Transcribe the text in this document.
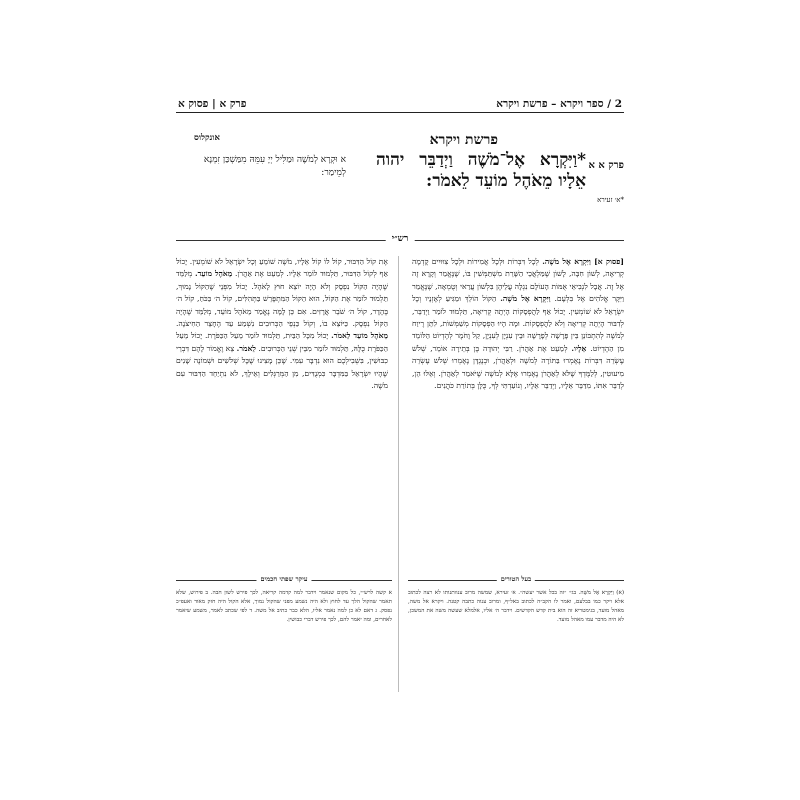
2 / ספר ויקרא – פרשת ויקרא
פרק א | פסוק א
פרשת ויקרא
אונקלוס
פרק א א
*וַיִּקְרָא אֶל־מֹשֶׁה וַיְדַבֵּר יהוה אֵלָיו מֵאֹהֶל מוֹעֵד לֵאמֹר:
*א׳ זעירא
א וּקְרָא לְמֹשֶׁה וּמַלִּיל יְיָ עִמֵּהּ מִמַּשְׁכַּן זִמְנָא לְמֵימַר:
רש״י
[פסוק א] וַיִּקְרָא אֶל מֹשֶׁה. לְכָל דִּבְּרוֹת וּלְכָל אֲמִירוֹת וּלְכָל צִוּוּיִים קָדְמָה קְרִיאָה, לְשׁוֹן חִבָּה, לָשׁוֹן שֶׁמַּלְאֲכֵי הַשָּׁרֵת מִשְׁתַּמְּשִׁין בּוֹ, שֶׁנֶּאֱמַר וְקָרָא זֶה אֶל זֶה. אֲבָל לִנְבִיאֵי אֻמּוֹת הָעוֹלָם נִגְלָה עֲלֵיהֶן בִּלְשׁוֹן עֲרַאי וְטֻמְאָה, שֶׁנֶּאֱמַר וַיִּקָּר אֱלֹהִים אֶל בִּלְעָם. וַיִּקְרָא אֶל מֹשֶׁה. הַקּוֹל הוֹלֵךְ וּמַגִּיעַ לְאָזְנָיו וְכָל יִשְׂרָאֵל לֹא שׁוֹמְעִין. יָכוֹל אַף לַהֲפְסָקוֹת הָיְתָה קְרִיאָה, תַּלְמוּד לוֹמַר וַיְדַבֵּר, לְדִבּוּר הָיְתָה קְרִיאָה וְלֹא לַהֲפְסָקוֹת. וּמָה הָיוּ הַפְסָקוֹת מְשַׁמְּשׁוֹת, לִתֵּן רֶיוַח לְמֹשֶׁה לְהִתְבּוֹנֵן בֵּין פָּרָשָׁה לְפָרָשָׁה וּבֵין עִנְיָן לְעִנְיָן, קַל וָחֹמֶר לְהֶדְיוֹט הַלּוֹמֵד מִן הַהֶדְיוֹט. אֵלָיו. לְמַעֵט אֶת אַהֲרֹן. רַבִּי יְהוּדָה בֶּן בְּתֵירָה אוֹמֵר, שְׁלֹשׁ עֶשְׂרֵה דִּבְּרוֹת נֶאֶמְרוּ בַּתּוֹרָה לְמֹשֶׁה וּלְאַהֲרֹן, וּכְנֶגְדָּן נֶאֶמְרוּ שְׁלֹשׁ עֶשְׂרֵה מִיעוּטִין, לְלַמֶּדְךָ שֶׁלֹּא לְאַהֲרֹן נֶאֶמְרוּ אֶלָּא לְמֹשֶׁה שֶׁיֹּאמַר לְאַהֲרֹן. וְאֵלּוּ הֵן, לְדַבֵּר אִתּוֹ, מִדַּבֵּר אֵלָיו, וַיְדַבֵּר אֵלָיו, וְנוֹעַדְתִּי לְךָ, כֻּלָּן בְּתוֹרַת כֹּהֲנִים.
אֶת קוֹל הַדִּבּוּר, קוֹל לוֹ קוֹל אֵלָיו, מֹשֶׁה שׁוֹמֵעַ וְכָל יִשְׂרָאֵל לֹא שׁוֹמְעִין. יָכוֹל אַף לְקוֹל הַדִּבּוּר, תַּלְמוּד לוֹמַר אֵלָיו. לְמַעֵט אֶת אַהֲרֹן. מֵאֹהֶל מוֹעֵד. מְלַמֵּד שֶׁהָיָה הַקּוֹל נִפְסָק וְלֹא הָיָה יוֹצֵא חוּץ לָאֹהֶל. יָכוֹל מִפְּנֵי שֶׁהַקּוֹל נָמוּךְ, תַּלְמוּד לוֹמַר אֶת הַקּוֹל, הוּא הַקּוֹל הַמִּתְפָּרֵשׁ בַּתְּהִלִּים, קוֹל ה׳ בַּכֹּחַ, קוֹל ה׳ בֶּהָדָר, קוֹל ה׳ שֹׁבֵר אֲרָזִים. אִם כֵּן לָמָּה נֶאֱמַר מֵאֹהֶל מוֹעֵד, מְלַמֵּד שֶׁהָיָה הַקּוֹל נִפְסָק. כַּיּוֹצֵא בוֹ, וְקוֹל כַּנְפֵי הַכְּרוּבִים נִשְׁמַע עַד הֶחָצֵר הַחִיצֹנָה. מֵאֹהֶל מוֹעֵד לֵאמֹר. יָכוֹל מִכָּל הַבַּיִת, תַּלְמוּד לוֹמַר מֵעַל הַכַּפֹּרֶת. יָכוֹל מֵעַל הַכַּפֹּרֶת כֻּלָּהּ, תַּלְמוּד לוֹמַר מִבֵּין שְׁנֵי הַכְּרוּבִים. לֵאמֹר. צֵא וֶאֱמוֹר לָהֶם דִּבְרֵי כִבּוּשִׁין, בִּשְׁבִילְכֶם הוּא נִדְבָּר עִמִּי. שֶׁכֵּן מָצִינוּ שֶׁכָּל שְׁלֹשִׁים וּשְׁמוֹנֶה שָׁנִים שֶׁהָיוּ יִשְׂרָאֵל בַּמִּדְבָּר כִּמְנֻדִּים, מִן הַמְּרַגְּלִים וְאֵילָךְ, לֹא נִתְיַחֵד הַדִּבּוּר עִם מֹשֶׁה.
בעל הטורים
(א) וַיִּקְרָא אֶל מֹשֶׁה. בגי׳ ״זה בכל אשר יעשה״. א׳ זעירא, שמשה מרוב ענוותנותו לא רצה לכתוב אלא ויקר כמו בבלעם, ואמר לו הקב״ה לכתוב באל״ף, ומרוב ענוה כתבה קטנה. ויקרא אל משה, מאהל מועד, בגימטריא זה הוא בית קדש הקדשים. וידבר ה׳ אליו, אלמלא שעשה משה את המשכן, לא היה מדבר עמו מאהל מועד.
עיקר שפתי חכמים
א קשה לרש״י, כל מקום שנאמר וידבר למה קדמה קריאה, לכך פירש לשון חבה. ב פירוש, שלא תאמר שהקול הלך עד לחוץ ולא היה נשמע מפני שהקול נמוך, אלא הקול היה חזק מאוד ואעפ״כ נפסק. ג דאם לא כן למה נאמר אליו, הלא כבר כתיב אל משה. ד לפי שכתב לאמר, משמע שיאמר לאחרים, ומה יאמר להם, לכך פירש דברי כבושין.
